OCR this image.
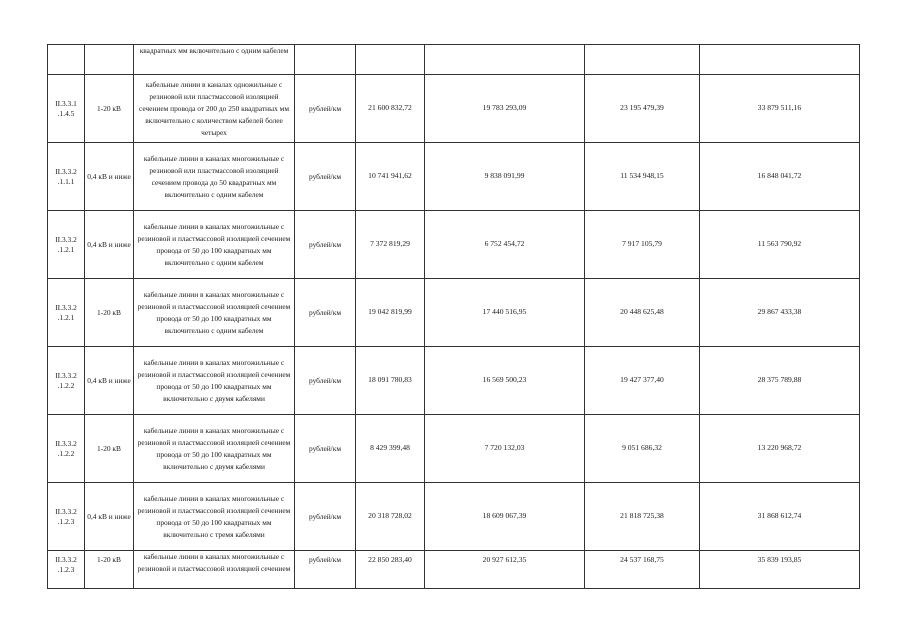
		квадратных мм включительно с одним кабелем					
II.3.3.1 .1.4.5	1-20 кВ	кабельные линии в каналах одножильные с резиновой или пластмассовой изоляцией сечением провода от 200 до 250 квадратных мм включительно с количеством кабелей более четырех	рублей/км	21 600 832,72	19 783 293,09	23 195 479,39	33 879 511,16
II.3.3.2 .1.1.1	0,4 кВ и ниже	кабельные линии в каналах многожильные с резиновой или пластмассовой изоляцией сечением провода до 50 квадратных мм включительно с одним кабелем	рублей/км	10 741 941,62	9 838 091,99	11 534 948,15	16 848 041,72
II.3.3.2 .1.2.1	0,4 кВ и ниже	кабельные линии в каналах многожильные с резиновой и пластмассовой изоляцией сечением провода от 50 до 100 квадратных мм включительно с одним кабелем	рублей/км	7 372 819,29	6 752 454,72	7 917 105,79	11 563 790,92
II.3.3.2 .1.2.1	1-20 кВ	кабельные линии в каналах многожильные с резиновой и пластмассовой изоляцией сечением провода от 50 до 100 квадратных мм включительно с одним кабелем	рублей/км	19 042 819,99	17 440 516,95	20 448 625,48	29 867 433,38
II.3.3.2 .1.2.2	0,4 кВ и ниже	кабельные линии в каналах многожильные с резиновой и пластмассовой изоляцией сечением провода от 50 до 100 квадратных мм включительно с двумя кабелями	рублей/км	18 091 780,83	16 569 500,23	19 427 377,40	28 375 789,88
II.3.3.2 .1.2.2	1-20 кВ	кабельные линии в каналах многожильные с резиновой и пластмассовой изоляцией сечением провода от 50 до 100 квадратных мм включительно с двумя кабелями	рублей/км	8 429 399,48	7 720 132,03	9 051 686,32	13 220 968,72
II.3.3.2 .1.2.3	0,4 кВ и ниже	кабельные линии в каналах многожильные с резиновой и пластмассовой изоляцией сечением провода от 50 до 100 квадратных мм включительно с тремя кабелями	рублей/км	20 318 728,02	18 609 067,39	21 818 725,38	31 868 612,74
II.3.3.2 .1.2.3	1-20 кВ	кабельные линии в каналах многожильные с резиновой и пластмассовой изоляцией сечением	рублей/км	22 850 283,40	20 927 612,35	24 537 168,75	35 839 193,85
